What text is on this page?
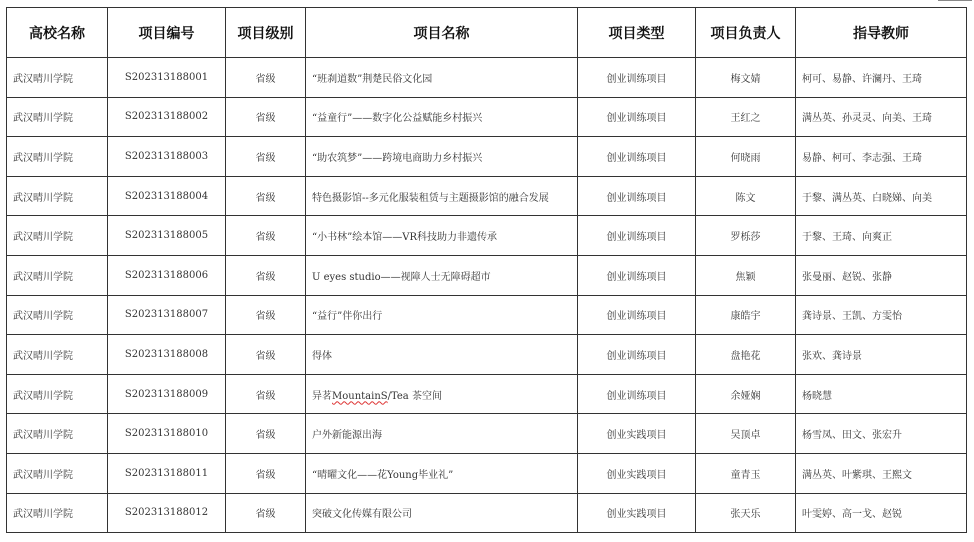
高校名称	项目编号	项目级别	项目名称	项目类型	项目负责人	指导教师
武汉晴川学院	S202313188001	省级	“班刹道数”荆楚民俗文化园	创业训练项目	梅文婧	柯可、易静、许澜丹、王琦
武汉晴川学院	S202313188002	省级	“益童行”——数字化公益赋能乡村振兴	创业训练项目	王红之	满丛英、孙灵灵、向美、王琦
武汉晴川学院	S202313188003	省级	“助农筑梦”——跨境电商助力乡村振兴	创业训练项目	何晓雨	易静、柯可、李志强、王琦
武汉晴川学院	S202313188004	省级	特色摄影馆--多元化服装租赁与主题摄影馆的融合发展	创业训练项目	陈文	于黎、满丛英、白晓娣、向美
武汉晴川学院	S202313188005	省级	“小书林”绘本馆——VR科技助力非遗传承	创业训练项目	罗栎莎	于黎、王琦、向爽正
武汉晴川学院	S202313188006	省级	U eyes studio——视障人士无障碍超市	创业训练项目	焦颖	张曼丽、赵锐、张静
武汉晴川学院	S202313188007	省级	“益行”伴你出行	创业训练项目	康皓宇	龚诗景、王凯、方雯怡
武汉晴川学院	S202313188008	省级	得体	创业训练项目	盘艳花	张欢、龚诗景
武汉晴川学院	S202313188009	省级	异茗MountainS/Tea 茶空间	创业训练项目	余娅娴	杨晓慧
武汉晴川学院	S202313188010	省级	户外新能源出海	创业实践项目	吴顶卓	杨雪凤、田文、张宏升
武汉晴川学院	S202313188011	省级	“晴曜文化——花Young毕业礼”	创业实践项目	童青玉	满丛英、叶紫琪、王熙文
武汉晴川学院	S202313188012	省级	突破文化传媒有限公司	创业实践项目	张天乐	叶雯婷、高一戈、赵锐
